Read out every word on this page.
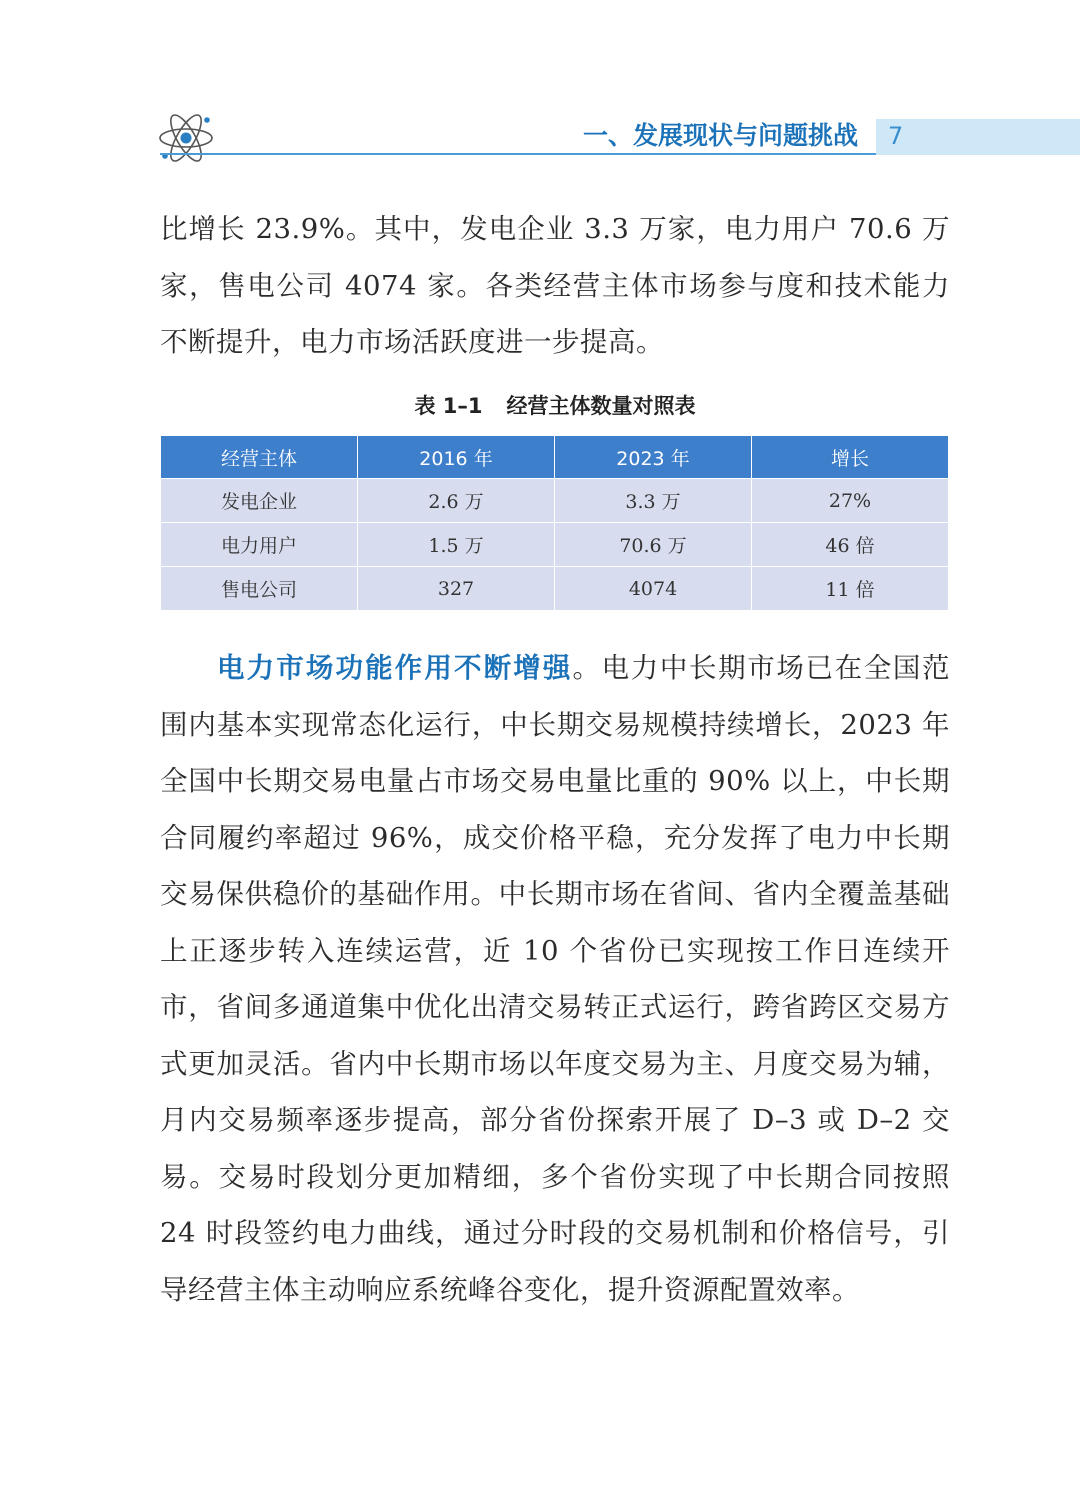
一、发展现状与问题挑战 7

比增长 23.9%。其中，发电企业 3.3 万家，电力用户 70.6 万家，售电公司 4074 家。各类经营主体市场参与度和技术能力不断提升，电力市场活跃度进一步提高。

表 1–1 经营主体数量对照表
经营主体	2016 年	2023 年	增长
发电企业	2.6 万	3.3 万	27%
电力用户	1.5 万	70.6 万	46 倍
售电公司	327	4074	11 倍

电力市场功能作用不断增强。电力中长期市场已在全国范围内基本实现常态化运行，中长期交易规模持续增长，2023 年全国中长期交易电量占市场交易电量比重的 90% 以上，中长期合同履约率超过 96%，成交价格平稳，充分发挥了电力中长期交易保供稳价的基础作用。中长期市场在省间、省内全覆盖基础上正逐步转入连续运营，近 10 个省份已实现按工作日连续开市，省间多通道集中优化出清交易转正式运行，跨省跨区交易方式更加灵活。省内中长期市场以年度交易为主、月度交易为辅，月内交易频率逐步提高，部分省份探索开展了 D–3 或 D–2 交易。交易时段划分更加精细，多个省份实现了中长期合同按照 24 时段签约电力曲线，通过分时段的交易机制和价格信号，引导经营主体主动响应系统峰谷变化，提升资源配置效率。
